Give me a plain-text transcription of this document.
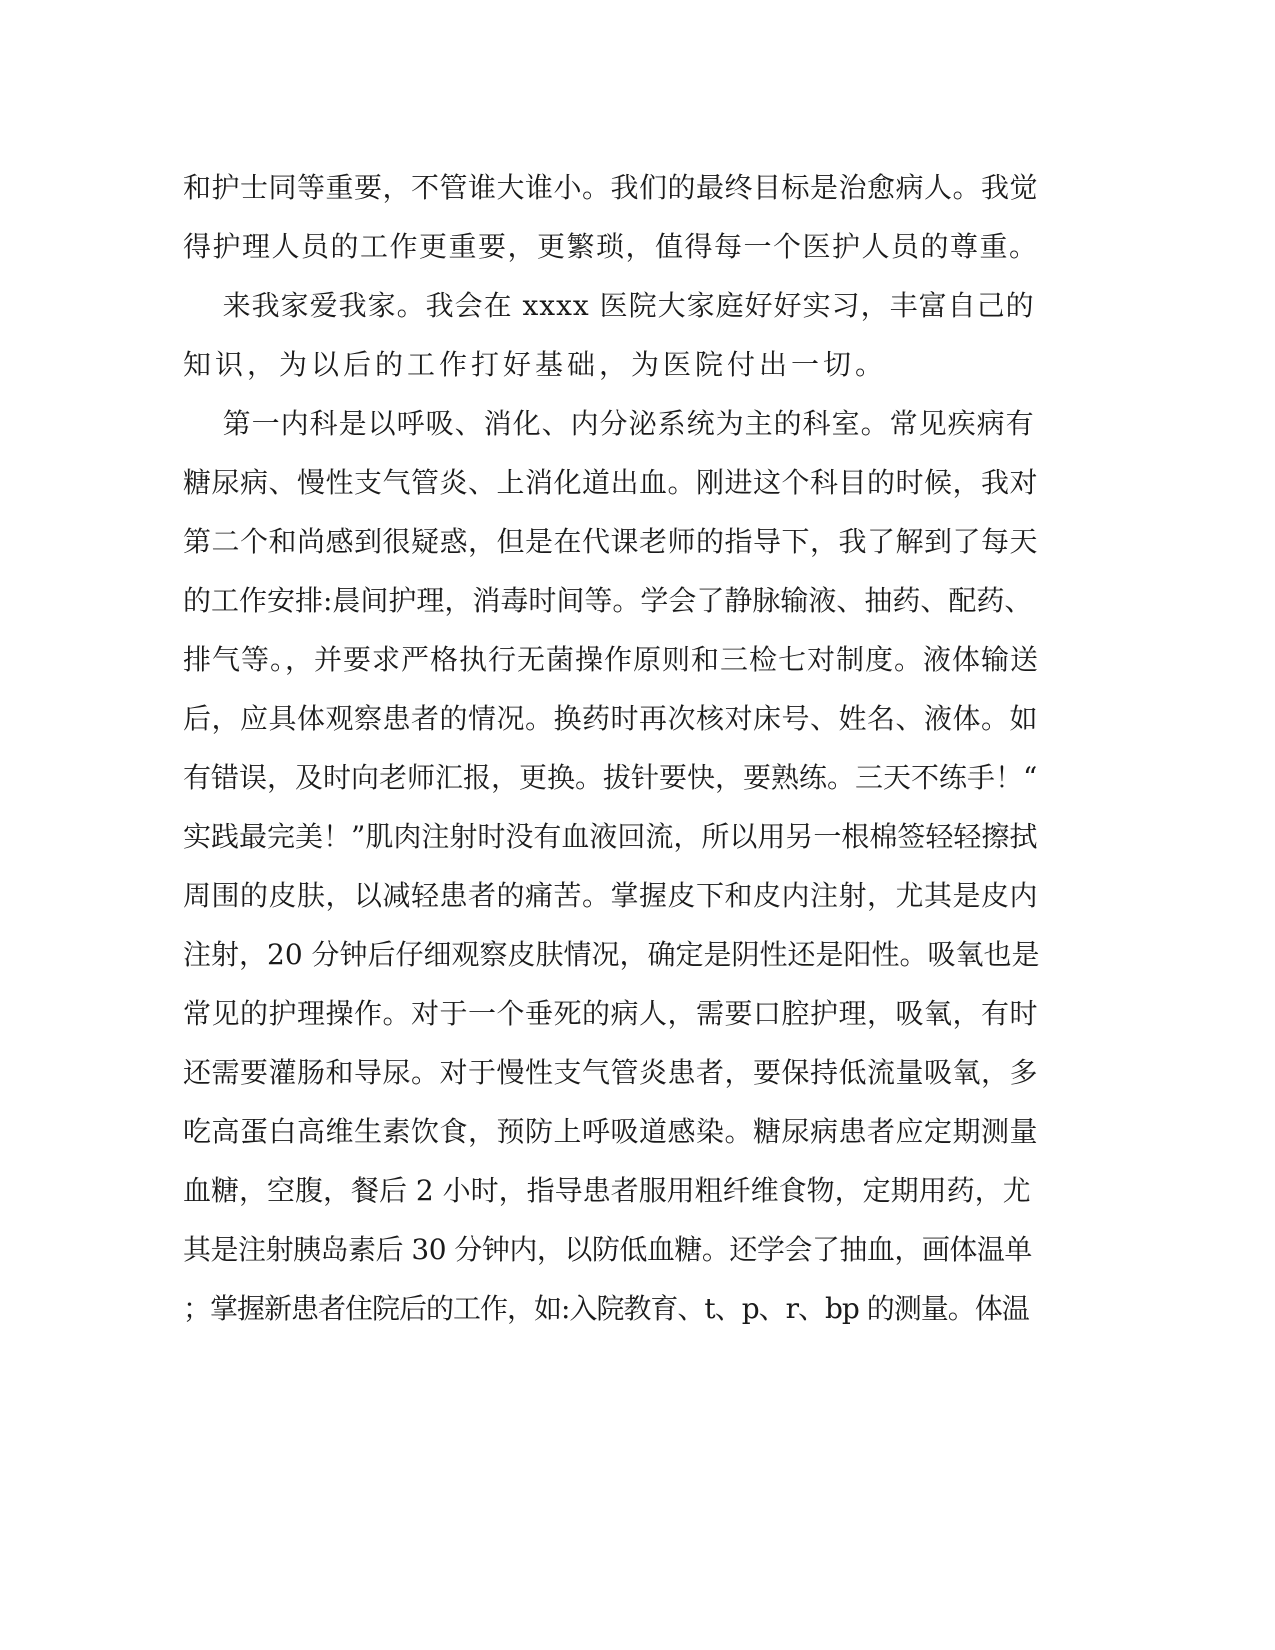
和护士同等重要，不管谁大谁小。我们的最终目标是治愈病人。我觉
得护理人员的工作更重要，更繁琐，值得每一个医护人员的尊重。
来我家爱我家。我会在 xxxx 医院大家庭好好实习，丰富自己的
知识，为以后的工作打好基础，为医院付出一切。
第一内科是以呼吸、消化、内分泌系统为主的科室。常见疾病有
糖尿病、慢性支气管炎、上消化道出血。刚进这个科目的时候，我对
第二个和尚感到很疑惑，但是在代课老师的指导下，我了解到了每天
的工作安排:晨间护理，消毒时间等。学会了静脉输液、抽药、配药、
排气等。，并要求严格执行无菌操作原则和三检七对制度。液体输送
后，应具体观察患者的情况。换药时再次核对床号、姓名、液体。如
有错误，及时向老师汇报，更换。拔针要快，要熟练。三天不练手！“
实践最完美！”肌肉注射时没有血液回流，所以用另一根棉签轻轻擦拭
周围的皮肤，以减轻患者的痛苦。掌握皮下和皮内注射，尤其是皮内
注射，20 分钟后仔细观察皮肤情况，确定是阴性还是阳性。吸氧也是
常见的护理操作。对于一个垂死的病人，需要口腔护理，吸氧，有时
还需要灌肠和导尿。对于慢性支气管炎患者，要保持低流量吸氧，多
吃高蛋白高维生素饮食，预防上呼吸道感染。糖尿病患者应定期测量
血糖，空腹，餐后 2 小时，指导患者服用粗纤维食物，定期用药，尤
其是注射胰岛素后 30 分钟内，以防低血糖。还学会了抽血，画体温单
；掌握新患者住院后的工作，如:入院教育、t、p、r、bp 的测量。体温
